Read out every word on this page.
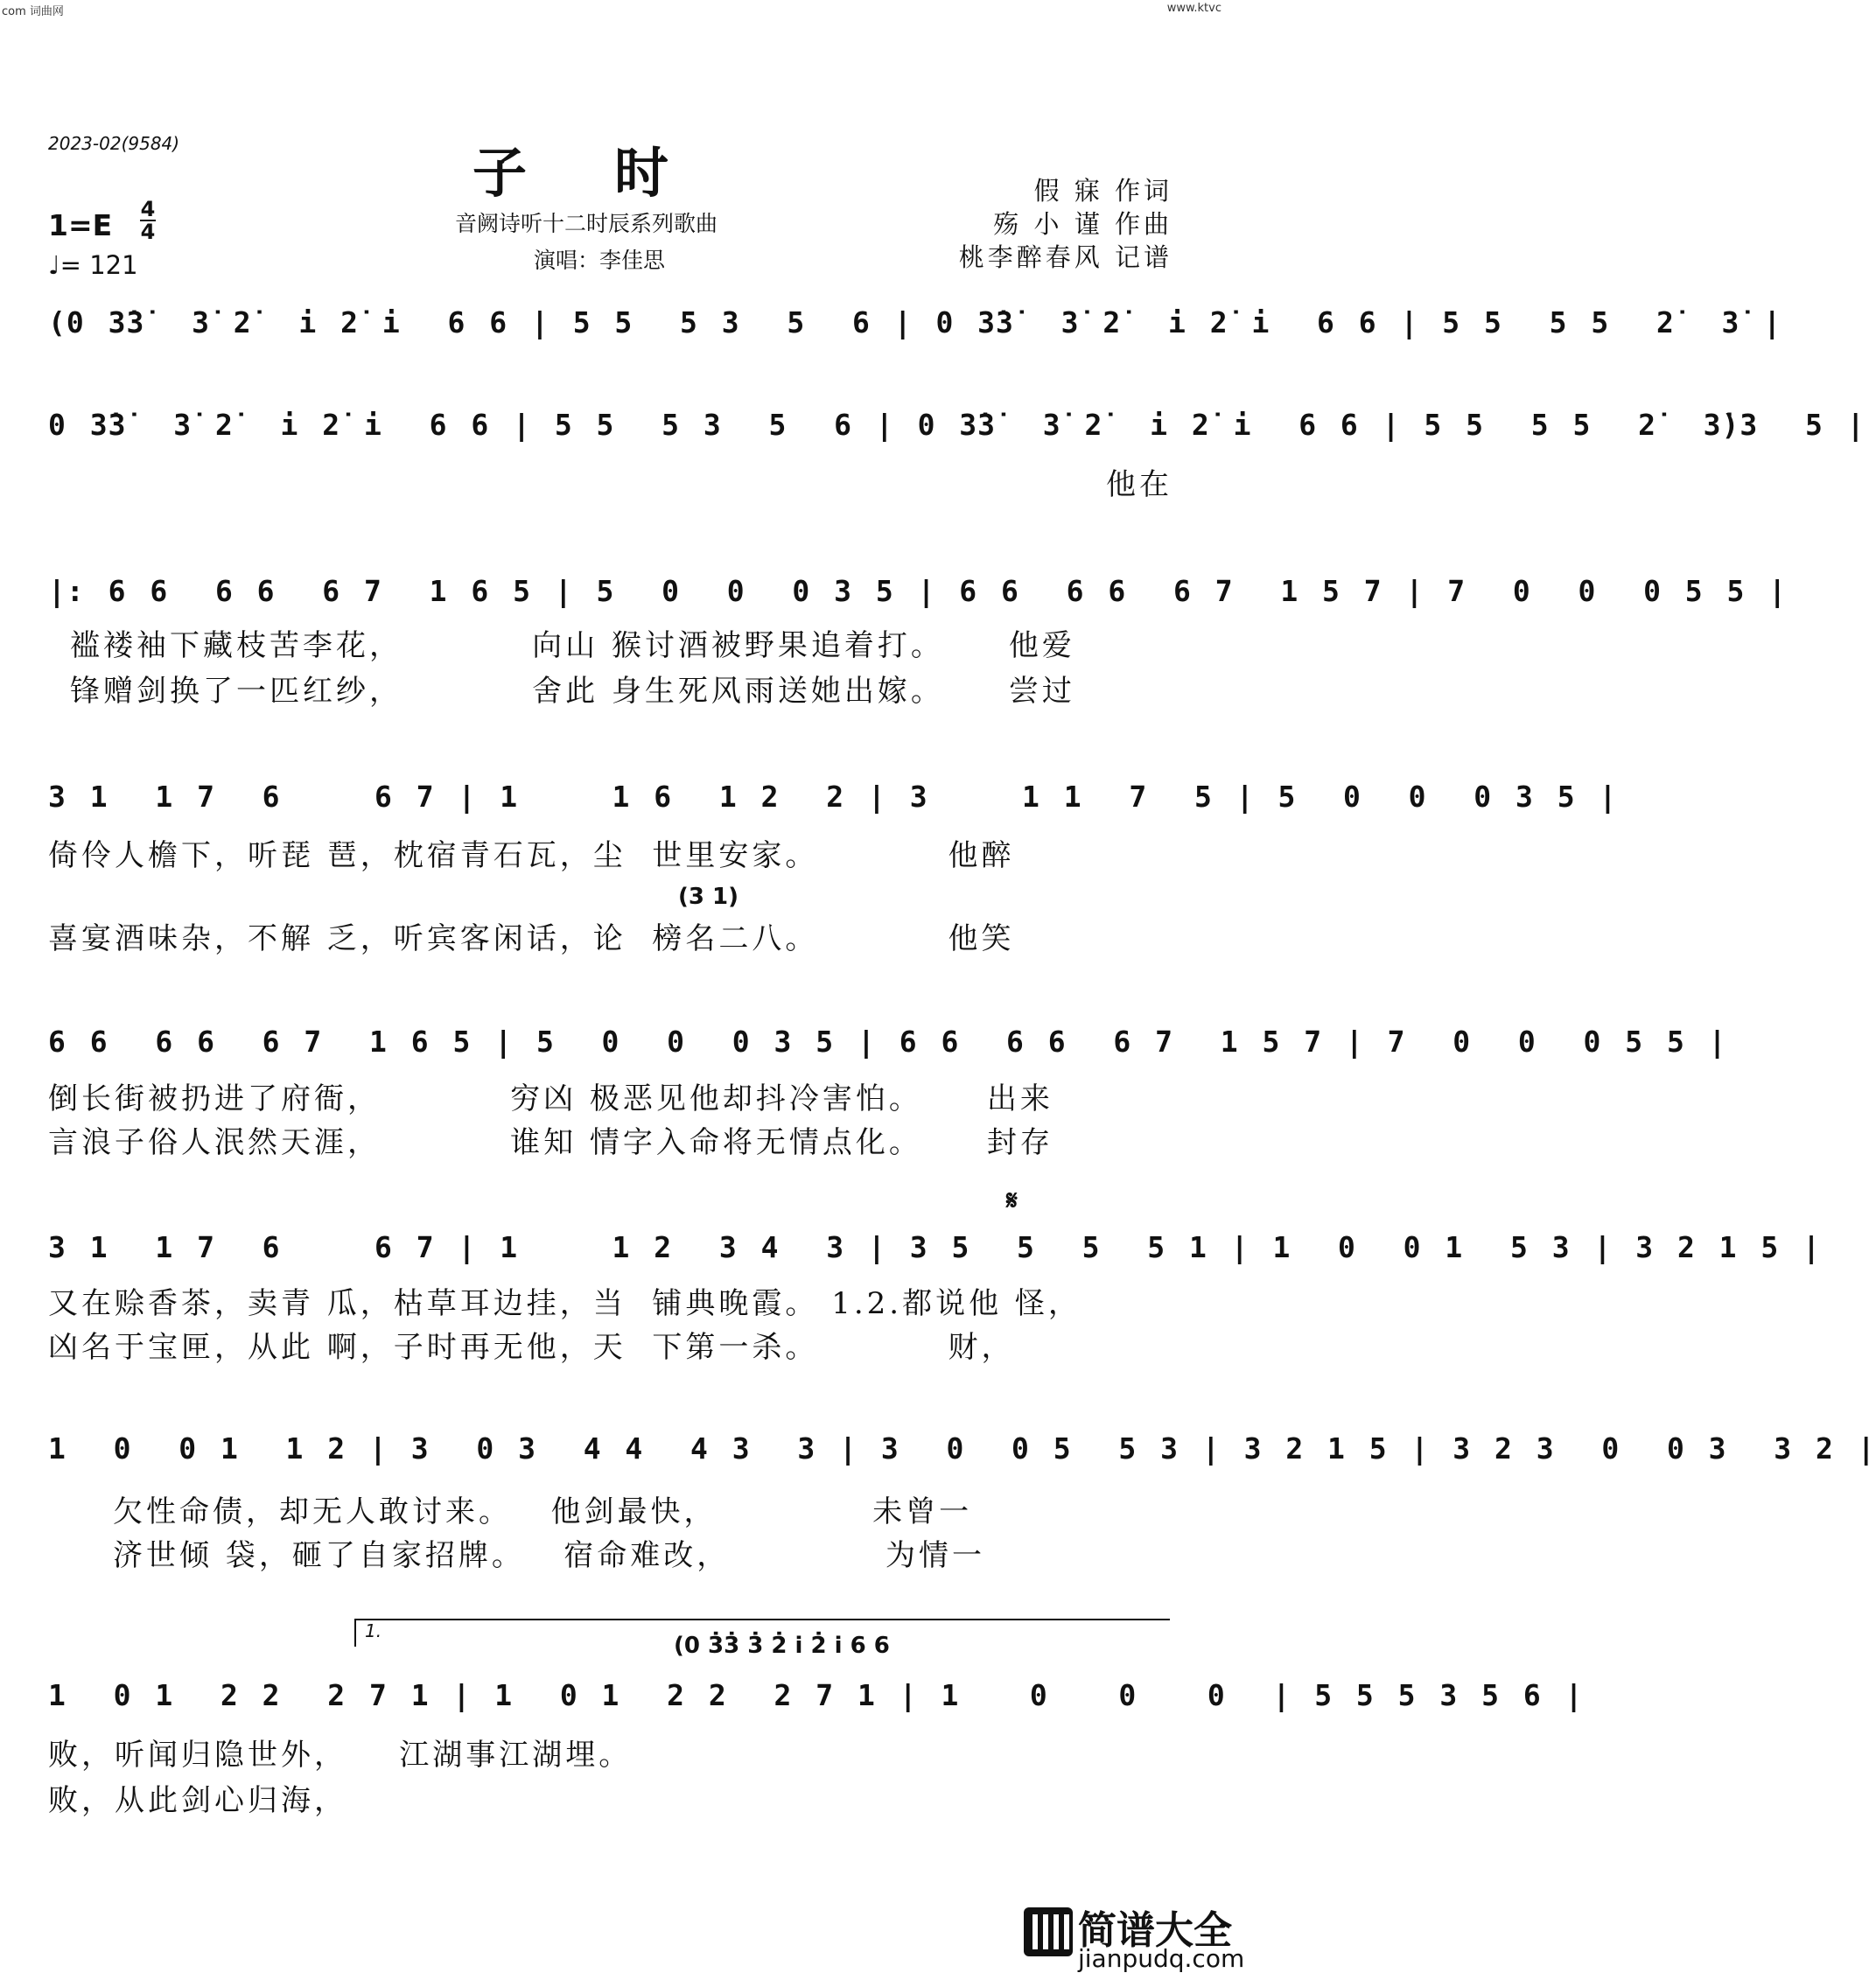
com 词曲网	www.ktvc
2023-02(9584)	子时
音阙诗听十二时辰系列歌曲
演唱：李佳思
假 寐 作词
殇 小 谨 作曲
桃李醉春风 记谱
1=E 4
4
♩= 121
(0 3̇3̇  3̇ 2̇  i 2̇ i  6 6 | 5 5  5 3  5  6 | 0 3̇3̇  3̇ 2̇  i 2̇ i  6 6 | 5 5  5 5  2̇  3̇ |
0 3̇3̇  3̇ 2̇  i 2̇ i  6 6 | 5 5  5 3  5  6 | 0 3̇3̇  3̇ 2̇  i 2̇ i  6 6 | 5 5  5 5  2̇  3̇)3  5 |
他在
|: 6 6  6 6  6 7  1 6 5 | 5  0  0  0 3 5 | 6 6  6 6  6 7  1 5 7 | 7  0  0  0 5 5 |
褴褛袖下藏枝苦李花，          向山 猴讨酒被野果追着打。     他爱
锋赠剑换了一匹红纱，          舍此 身生死风雨送她出嫁。     尝过
3 1  1 7  6    6 7 | 1    1 6  1 2  2 | 3    1 1  7  5 | 5  0  0  0 3 5 |
倚伶人檐下，听琵 琶，枕宿青石瓦，尘  世里安家。          他醉
(3 1)
喜宴酒味杂，不解 乏，听宾客闲话，论  榜名二八。          他笑
6 6  6 6  6 7  1 6 5 | 5  0  0  0 3 5 | 6 6  6 6  6 7  1 5 7 | 7  0  0  0 5 5 |
倒长街被扔进了府衙，          穷凶 极恶见他却抖冷害怕。     出来
言浪子俗人泯然天涯，          谁知 情字入命将无情点化。     封存
𝄋
3 1  1 7  6    6 7 | 1    1 2  3 4  3 | 3 5  5  5  5 1 | 1  0  0 1  5 3 | 3 2 1 5 |
又在赊香茶，卖青 瓜，枯草耳边挂，当  铺典晚霞。 1.2.都说他 怪，
凶名于宝匣，从此 啊，子时再无他，天  下第一杀。          财，
1  0  0 1  1 2 | 3  0 3  4 4  4 3  3 | 3  0  0 5  5 3 | 3 2 1 5 | 3 2 3  0  0 3  3 2 |
欠性命债，却无人敢讨来。   他剑最快，            未曾一
济世倾 袋，砸了自家招牌。   宿命难改，            为情一
1.
(0 3̇3̇ 3̇ 2̇ i 2̇ i 6 6
1  0 1  2 2  2 7 1 | 1  0 1  2 2  2 7 1 | 1   0   0   0  | 5 5 5 3 5 6 |
败，听闻归隐世外，    江湖事江湖埋。
败，从此剑心归海，
简谱大全
jianpudq.com
